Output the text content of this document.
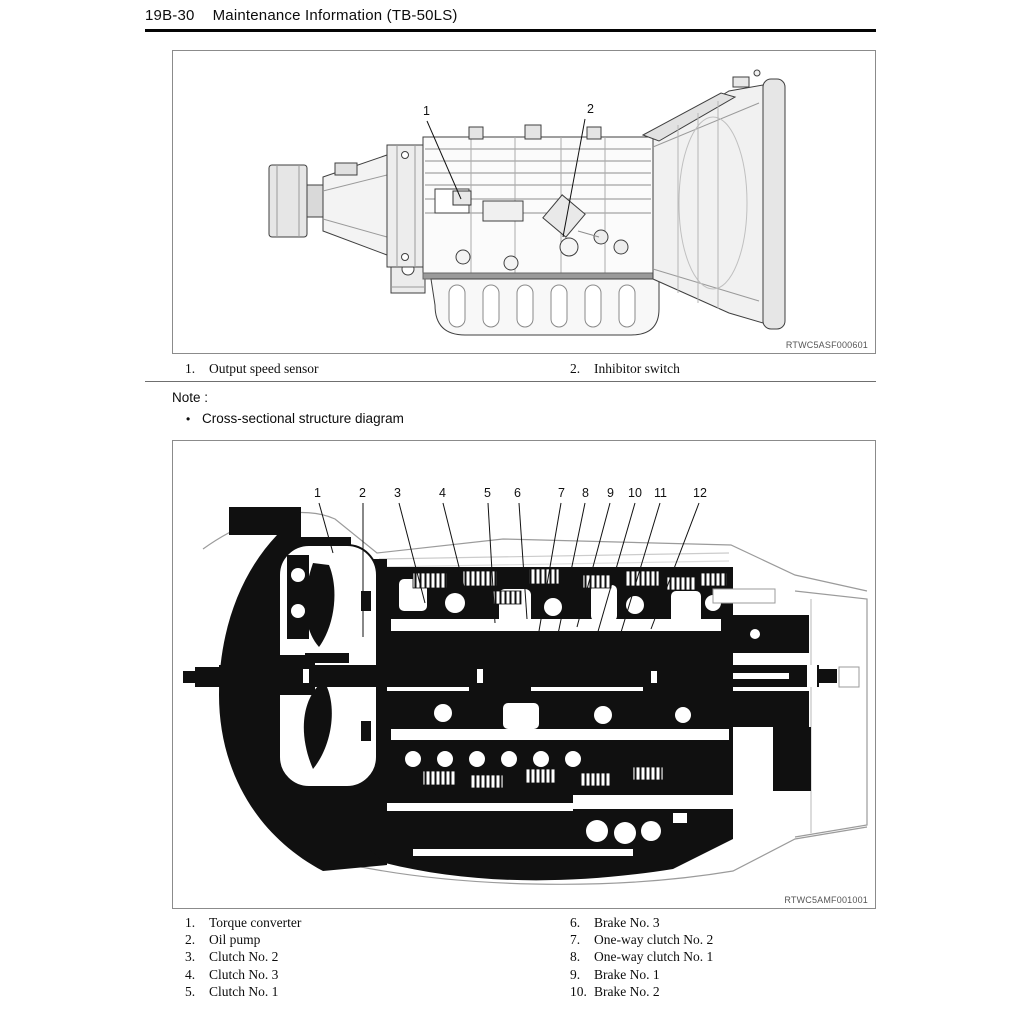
19B-30 Maintenance Information (TB-50LS)
1	2
RTWC5ASF000601
1. Output speed sensor	2. Inhibitor switch
Note :
• Cross-sectional structure diagram
1	2 3	4	5 6	7 8 9 10 11 12
RTWC5AMF001001
1. Torque converter
2. Oil pump
3. Clutch No. 2
4. Clutch No. 3
5. Clutch No. 1
6. Brake No. 3
7. One-way clutch No. 2
8. One-way clutch No. 1
9. Brake No. 1
10. Brake No. 2
